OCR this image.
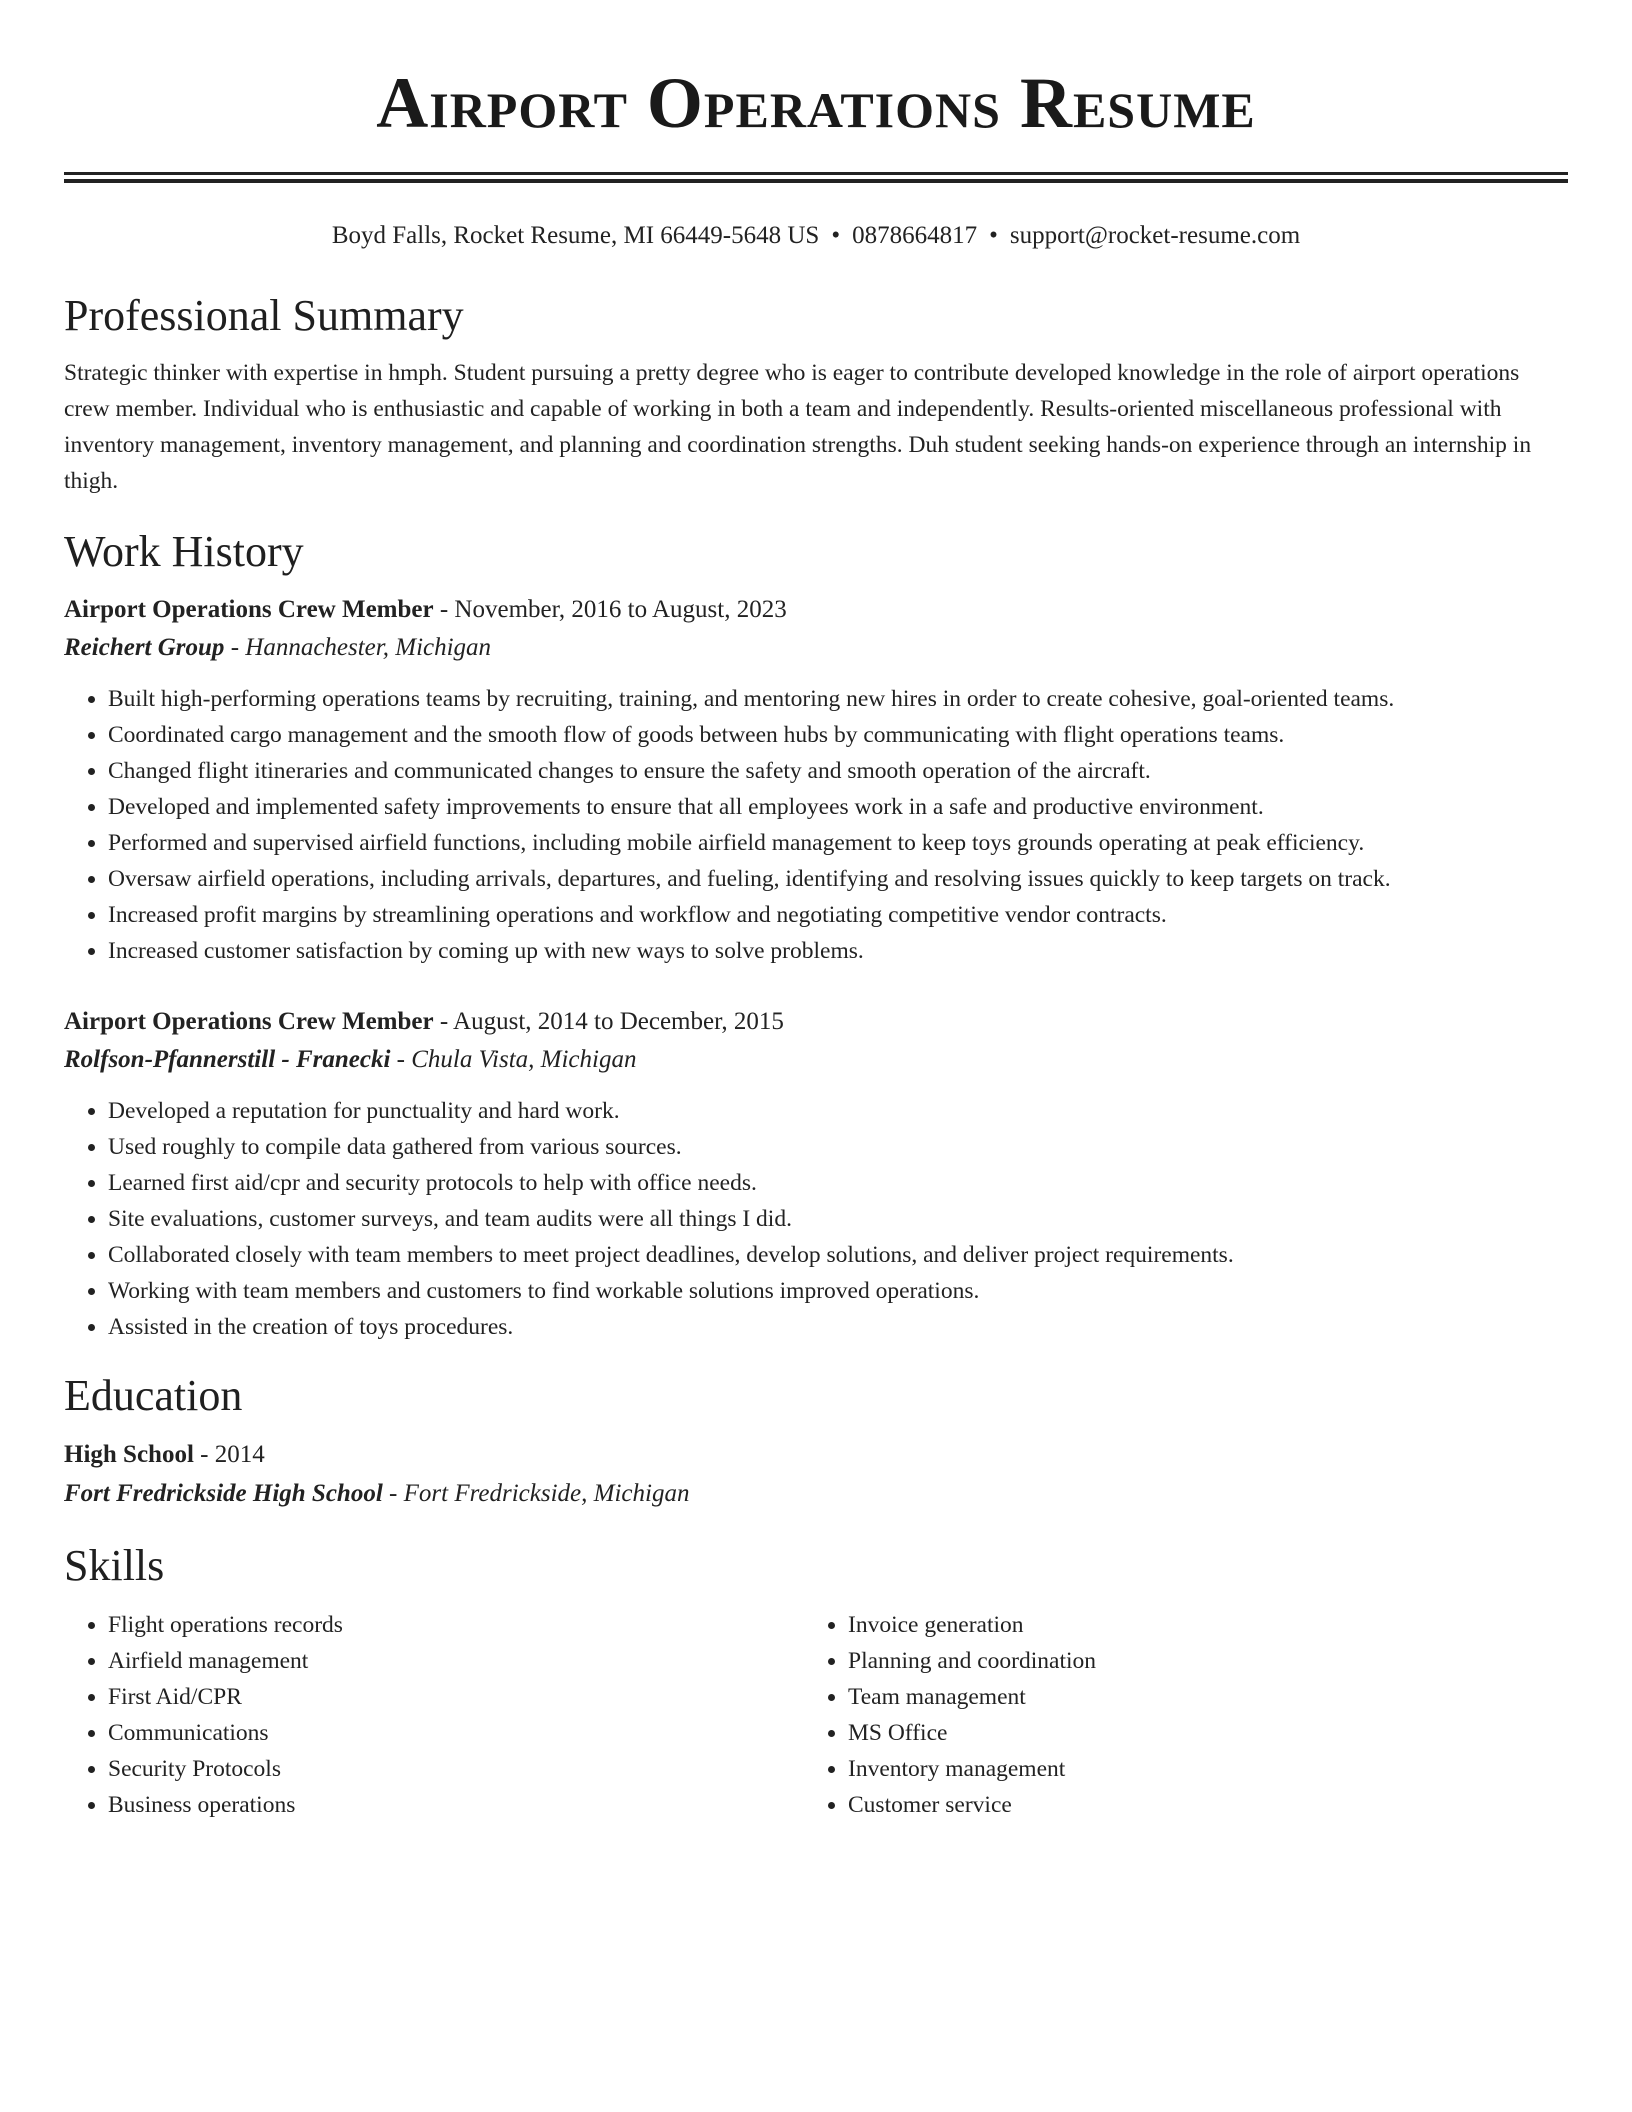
Airport Operations Resume
Boyd Falls, Rocket Resume, MI 66449-5648 US • 0878664817 • support@rocket-resume.com
Professional Summary

Strategic thinker with expertise in hmph. Student pursuing a pretty degree who is eager to contribute developed knowledge in the role of airport operations crew member. Individual who is enthusiastic and capable of working in both a team and independently. Results-oriented miscellaneous professional with inventory management, inventory management, and planning and coordination strengths. Duh student seeking hands-on experience through an internship in thigh.

Work History
Airport Operations Crew Member - November, 2016 to August, 2023
Reichert Group - Hannachester, Michigan
• Built high-performing operations teams by recruiting, training, and mentoring new hires in order to create cohesive, goal-oriented teams.
• Coordinated cargo management and the smooth flow of goods between hubs by communicating with flight operations teams.
• Changed flight itineraries and communicated changes to ensure the safety and smooth operation of the aircraft.
• Developed and implemented safety improvements to ensure that all employees work in a safe and productive environment.
• Performed and supervised airfield functions, including mobile airfield management to keep toys grounds operating at peak efficiency.
• Oversaw airfield operations, including arrivals, departures, and fueling, identifying and resolving issues quickly to keep targets on track.
• Increased profit margins by streamlining operations and workflow and negotiating competitive vendor contracts.
• Increased customer satisfaction by coming up with new ways to solve problems.
Airport Operations Crew Member - August, 2014 to December, 2015
Rolfson-Pfannerstill - Franecki - Chula Vista, Michigan
• Developed a reputation for punctuality and hard work.
• Used roughly to compile data gathered from various sources.
• Learned first aid/cpr and security protocols to help with office needs.
• Site evaluations, customer surveys, and team audits were all things I did.
• Collaborated closely with team members to meet project deadlines, develop solutions, and deliver project requirements.
• Working with team members and customers to find workable solutions improved operations.
• Assisted in the creation of toys procedures.
Education
High School - 2014
Fort Fredrickside High School - Fort Fredrickside, Michigan
Skills
• Flight operations records
• Airfield management
• First Aid/CPR
• Communications
• Security Protocols
• Business operations
• Invoice generation
• Planning and coordination
• Team management
• MS Office
• Inventory management
• Customer service
